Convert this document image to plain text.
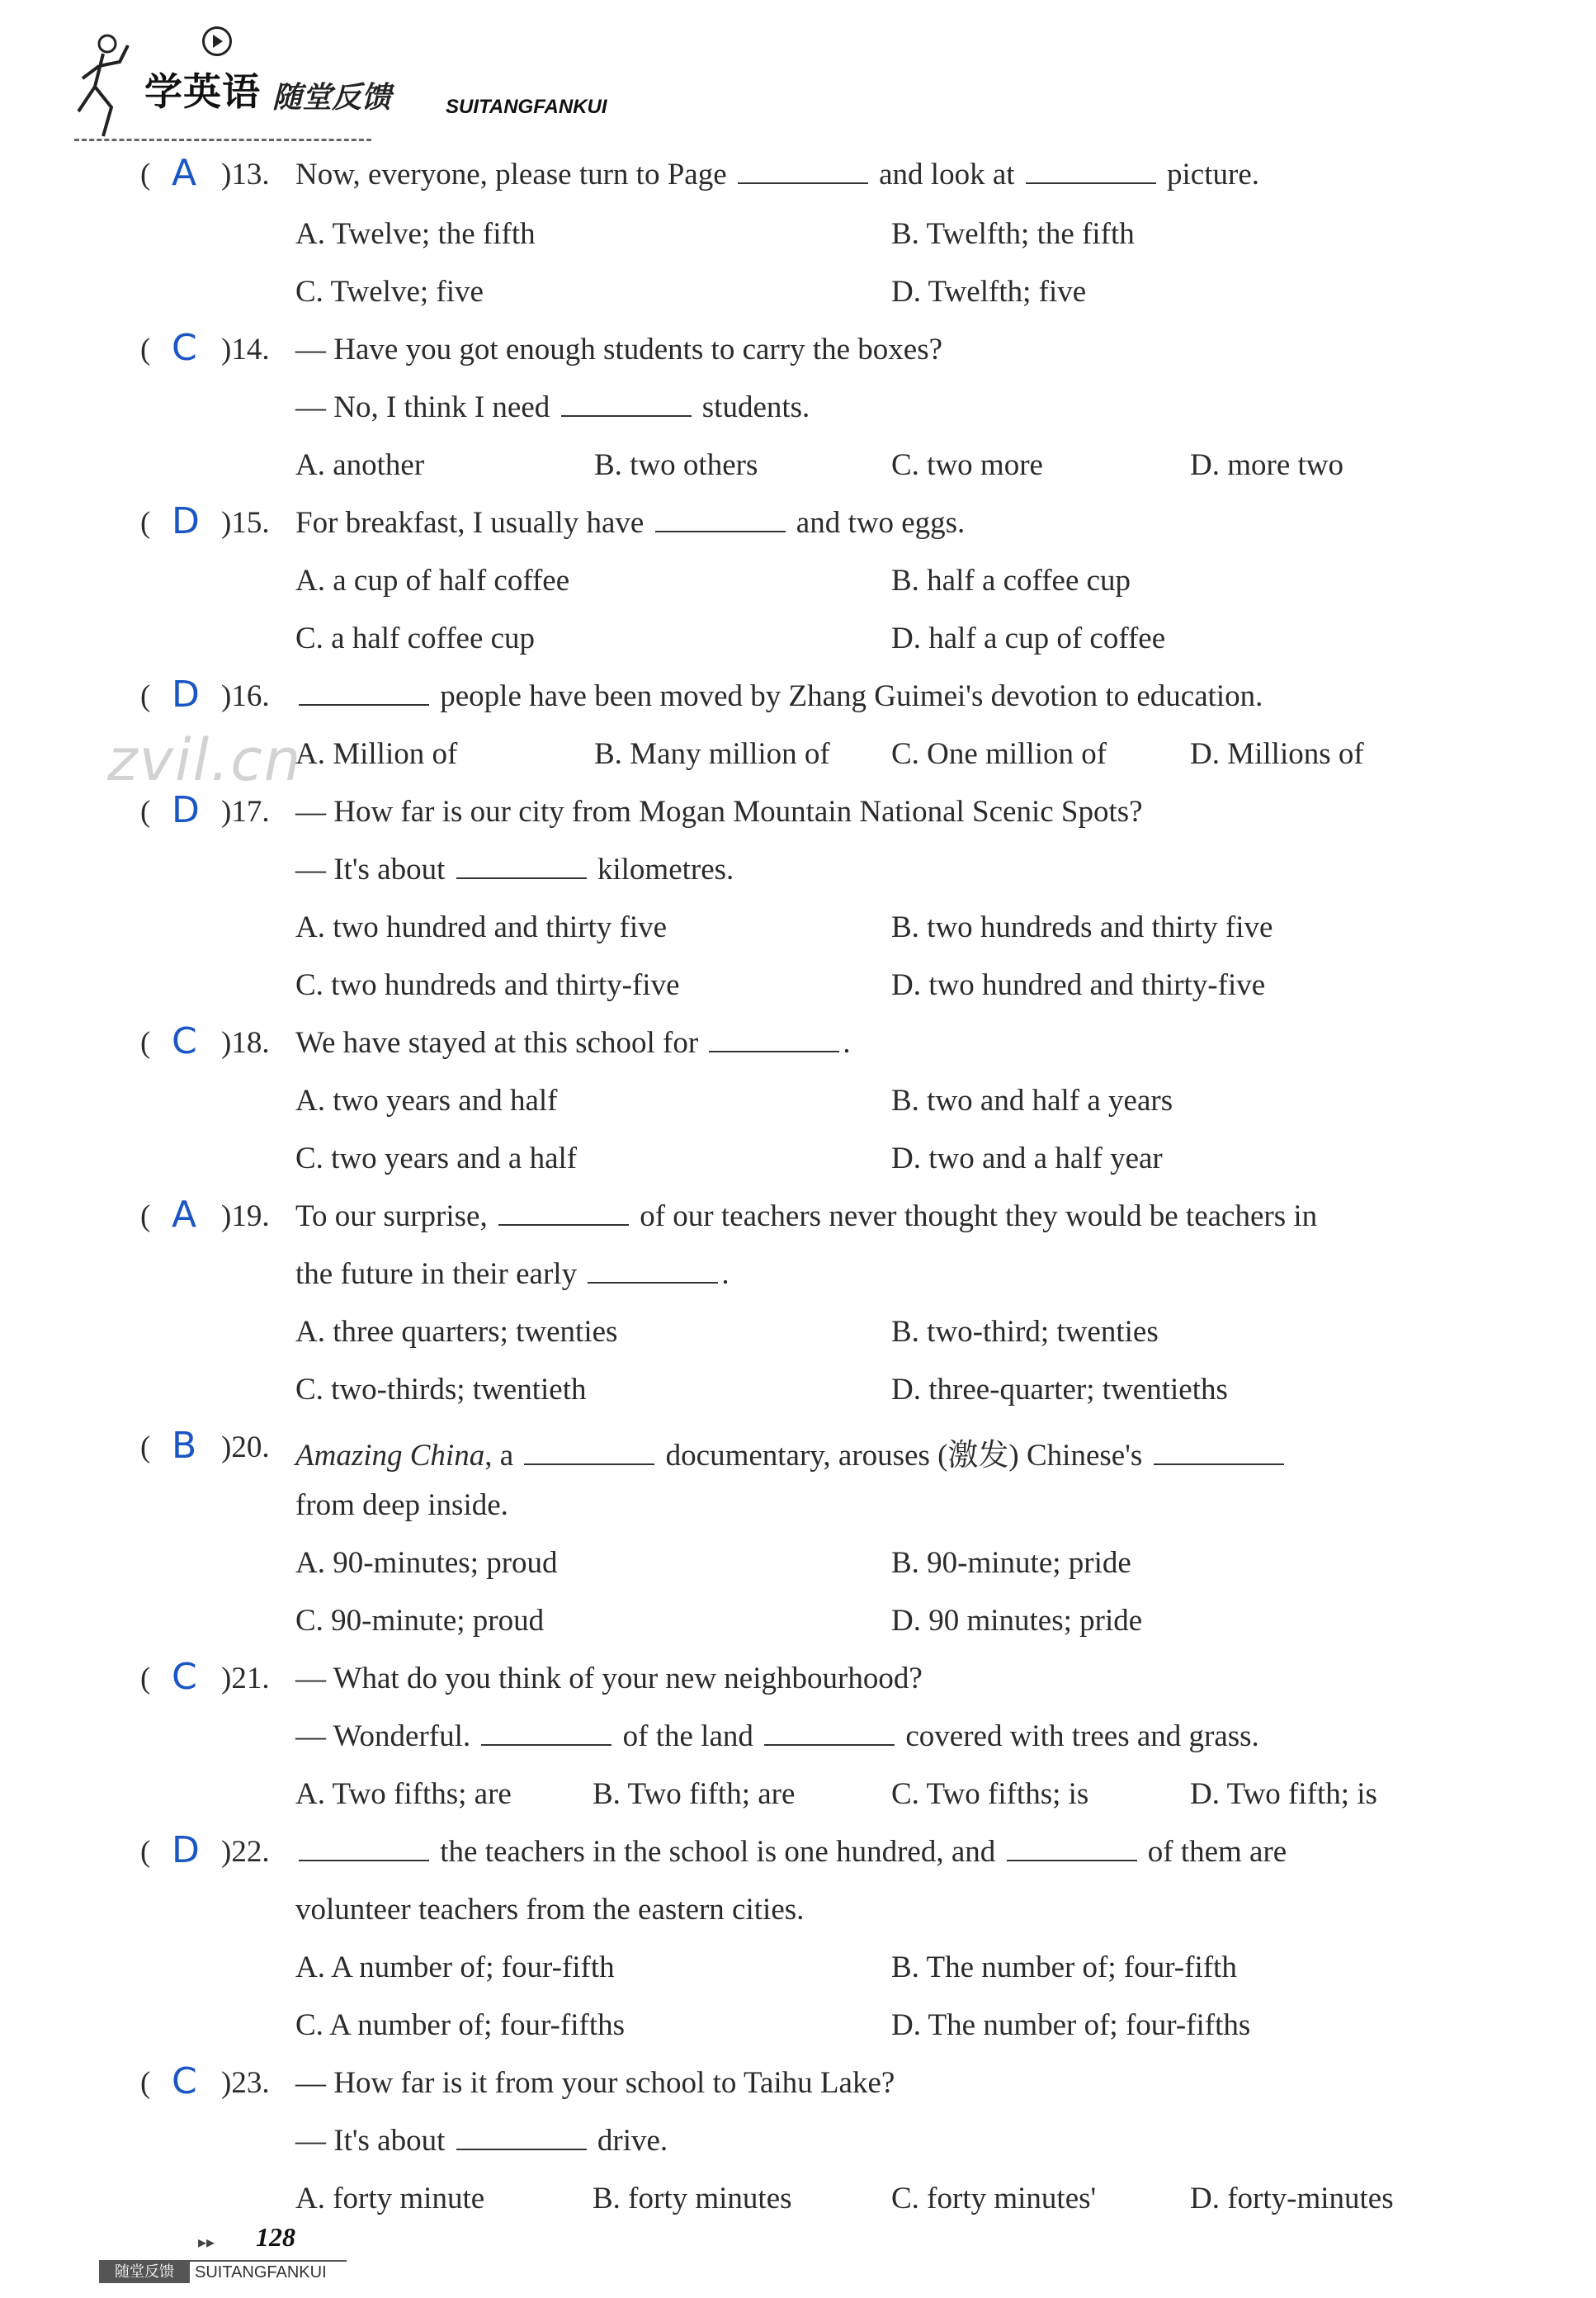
学英语 随堂反馈	SUITANGFANKUI
zvil.cn
( A )13. Now, everyone, please turn to Page	and look at	picture.
A. Twelve; the fifth	B. Twelfth; the fifth
C. Twelve; five	D. Twelfth; five
( C )14. — Have you got enough students to carry the boxes?
— No, I think I need	students.
A. another	B. two others	C. two more	D. more two
( D )15. For breakfast, I usually have	and two eggs.
A. a cup of half coffee	B. half a coffee cup
C. a half coffee cup	D. half a cup of coffee
( D )16.	people have been moved by Zhang Guimei's devotion to education.
A. Million of	B. Many million of C. One million of	D. Millions of
( D )17. — How far is our city from Mogan Mountain National Scenic Spots?
— It's about	kilometres.
A. two hundred and thirty five	B. two hundreds and thirty five
C. two hundreds and thirty-five	D. two hundred and thirty-five
( C )18. We have stayed at this school for	.
A. two years and half	B. two and half a years
C. two years and a half	D. two and a half year
( A )19. To our surprise,	of our teachers never thought they would be teachers in
the future in their early	.
A. three quarters; twenties	B. two-third; twenties
C. two-thirds; twentieth	D. three-quarter; twentieths
( B )20. Amazing China, a	documentary, arouses (激发) Chinese's
from deep inside.
A. 90-minutes; proud	B. 90-minute; pride
C. 90-minute; proud	D. 90 minutes; pride
( C )21. — What do you think of your new neighbourhood?
— Wonderful.	of the land	covered with trees and grass.
A. Two fifths; are	B. Two fifth; are	C. Two fifths; is	D. Two fifth; is
( D )22.	the teachers in the school is one hundred, and	of them are
volunteer teachers from the eastern cities.
A. A number of; four-fifth	B. The number of; four-fifth
C. A number of; four-fifths	D. The number of; four-fifths
( C )23. — How far is it from your school to Taihu Lake?
— It's about	drive.
A. forty minute	B. forty minutes	C. forty minutes'	D. forty-minutes
▸▸ 128
随堂反馈	SUITANGFANKUI
